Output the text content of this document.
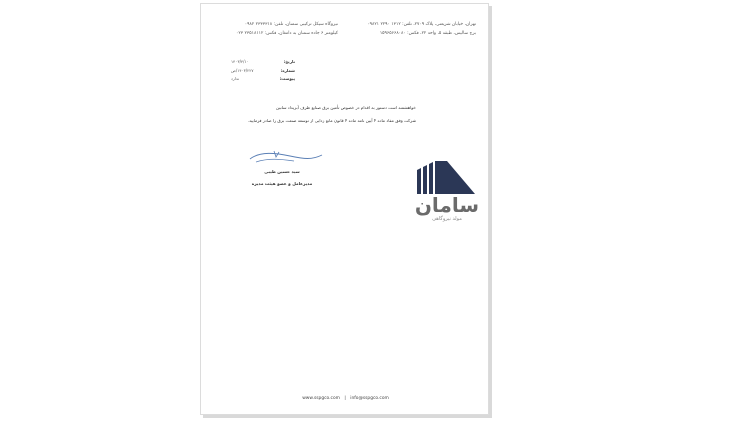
تهران، خیابان شریعتی، پلاک ۲۷۰۹، تلفن: ۱۳۱۲ ۲۲۹۰ ۰۹۸۲۱
برج سالیس، طبقه ۵، واحد ۲۲، فکس: ۱۵۹۶۵۶۶۸۰۸۰
نیروگاه سیکل ترکیبی سمنان، تلفن: ۲۳۳۳۳۱۸ ۰۹۸۲
کیلومتر ۶ جاده سمنان به دامغان، فکس: ۲۳۵۱۸۱۱۲ ۰۲۳
تاریخ:
۱۴۰۳/۴/۱۰
شماره:
۱۴۰۳/۲۲۷/ص
پیوست:
ندارد
خواهشمند است دستور به اقدام در خصوص تأمین برق صنایع ظرف آبزیداد سانین
شرکت وفق مفاد ماده ۴ آیین نامه ماده ۴ قانون مانع زدایی از توسعه صنعت برق را صادر فرمایید.
سید حسین طیبی
مدیرعامل و عضو هیئت مدیره
سامان
مولد نیروگاهی
www.sspgco.com | info@sspgco.com
